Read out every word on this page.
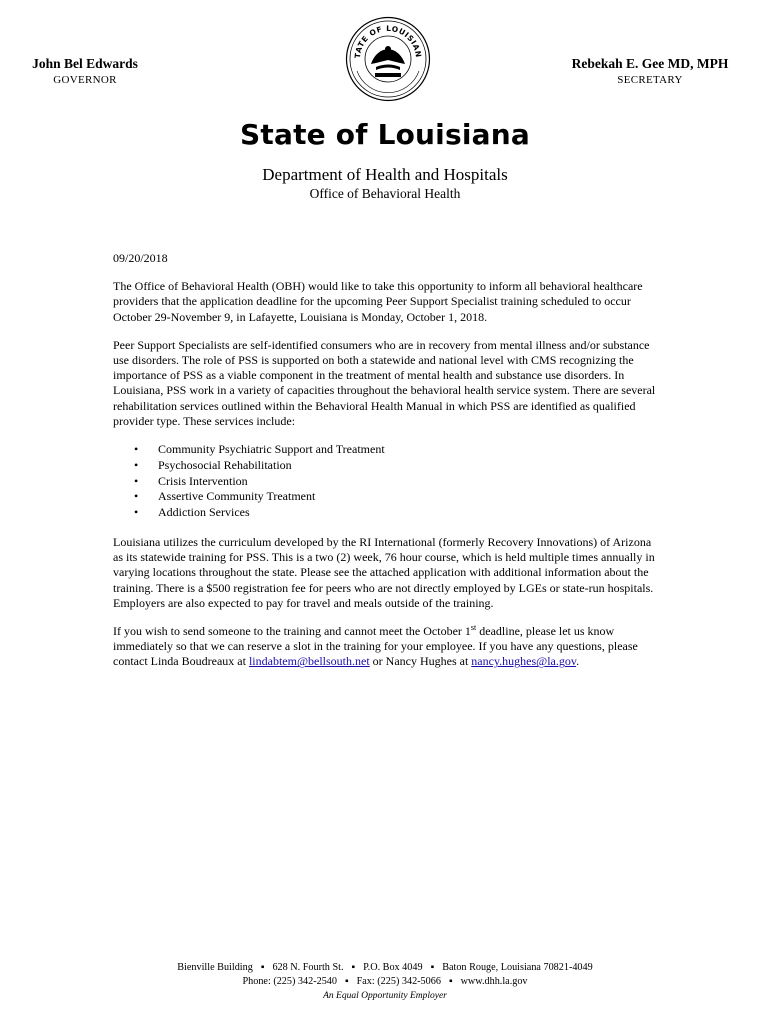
John Bel Edwards
GOVERNOR
TATE OF LOUISIAN
Rebekah E. Gee MD, MPH
SECRETARY
State of Louisiana
Department of Health and Hospitals
Office of Behavioral Health
09/20/2018

The Office of Behavioral Health (OBH) would like to take this opportunity to inform all behavioral healthcare providers that the application deadline for the upcoming Peer Support Specialist training scheduled to occur October 29-November 9, in Lafayette, Louisiana is Monday, October 1, 2018.

Peer Support Specialists are self-identified consumers who are in recovery from mental illness and/or substance use disorders. The role of PSS is supported on both a statewide and national level with CMS recognizing the importance of PSS as a viable component in the treatment of mental health and substance use disorders. In Louisiana, PSS work in a variety of capacities throughout the behavioral health service system. There are several rehabilitation services outlined within the Behavioral Health Manual in which PSS are identified as qualified provider type. These services include:

• Community Psychiatric Support and Treatment
• Psychosocial Rehabilitation
• Crisis Intervention
• Assertive Community Treatment
• Addiction Services

Louisiana utilizes the curriculum developed by the RI International (formerly Recovery Innovations) of Arizona as its statewide training for PSS. This is a two (2) week, 76 hour course, which is held multiple times annually in varying locations throughout the state. Please see the attached application with additional information about the training. There is a $500 registration fee for peers who are not directly employed by LGEs or state-run hospitals. Employers are also expected to pay for travel and meals outside of the training.

If you wish to send someone to the training and cannot meet the October 1st deadline, please let us know immediately so that we can reserve a slot in the training for your employee. If you have any questions, please contact Linda Boudreaux at lindabtem@bellsouth.net or Nancy Hughes at nancy.hughes@la.gov.

Bienville Building ▪ 628 N. Fourth St. ▪ P.O. Box 4049 ▪ Baton Rouge, Louisiana 70821-4049
Phone: (225) 342-2540 ▪ Fax: (225) 342-5066 ▪ www.dhh.la.gov
An Equal Opportunity Employer
